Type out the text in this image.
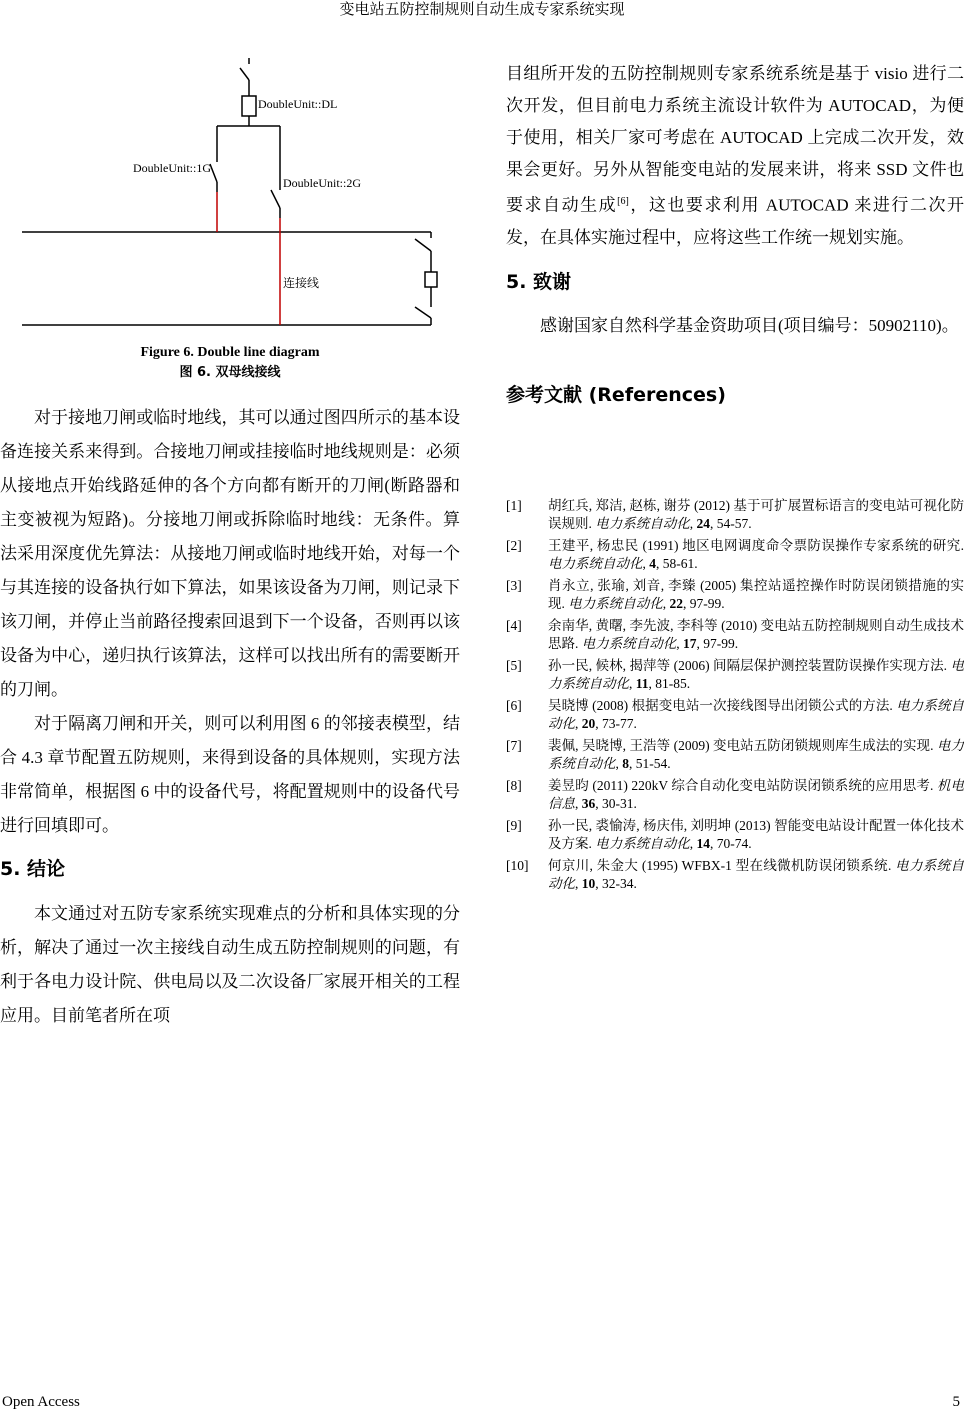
变电站五防控制规则自动生成专家系统实现
DoubleUnit::DL
DoubleUnit::1G
DoubleUnit::2G
连接线
Figure 6. Double line diagram
图 6. 双母线接线

对于接地刀闸或临时地线，其可以通过图四所示的基本设备连接关系来得到。合接地刀闸或挂接临时地线规则是：必须从接地点开始线路延伸的各个方向都有断开的刀闸(断路器和主变被视为短路)。分接地刀闸或拆除临时地线：无条件。算法采用深度优先算法：从接地刀闸或临时地线开始，对每一个与其连接的设备执行如下算法，如果该设备为刀闸，则记录下该刀闸，并停止当前路径搜索回退到下一个设备，否则再以该设备为中心，递归执行该算法，这样可以找出所有的需要断开的刀闸。

对于隔离刀闸和开关，则可以利用图 6 的邻接表模型，结合 4.3 章节配置五防规则，来得到设备的具体规则，实现方法非常简单，根据图 6 中的设备代号，将配置规则中的设备代号进行回填即可。

5. 结论

本文通过对五防专家系统实现难点的分析和具体实现的分析，解决了通过一次主接线自动生成五防控制规则的问题，有利于各电力设计院、供电局以及二次设备厂家展开相关的工程应用。目前笔者所在项

目组所开发的五防控制规则专家系统系统是基于 visio 进行二次开发，但目前电力系统主流设计软件为 AUTOCAD，为便于使用，相关厂家可考虑在 AUTOCAD 上完成二次开发，效果会更好。另外从智能变电站的发展来讲，将来 SSD 文件也要求自动生成[6]，这也要求利用 AUTOCAD 来进行二次开发，在具体实施过程中，应将这些工作统一规划实施。

5. 致谢

感谢国家自然科学基金资助项目(项目编号：50902110)。

参考文献 (References)
[1]	胡红兵, 郑洁, 赵栋, 谢芬 (2012) 基于可扩展置标语言的变电站可视化防误规则. 电力系统自动化, 24, 54-57.
[2]	王建平, 杨忠民 (1991) 地区电网调度命令票防误操作专家系统的研究. 电力系统自动化, 4, 58-61.
[3]	肖永立, 张瑜, 刘音, 李臻 (2005) 集控站遥控操作时防误闭锁措施的实现. 电力系统自动化, 22, 97-99.
[4]	余南华, 黄曙, 李先波, 李科等 (2010) 变电站五防控制规则自动生成技术思路. 电力系统自动化, 17, 97-99.
[5]	孙一民, 候林, 揭萍等 (2006) 间隔层保护测控装置防误操作实现方法. 电力系统自动化, 11, 81-85.
[6]	吴晓博 (2008) 根据变电站一次接线图导出闭锁公式的方法. 电力系统自动化, 20, 73-77.
[7]	裴佩, 吴晓博, 王浩等 (2009) 变电站五防闭锁规则库生成法的实现. 电力系统自动化, 8, 51-54.
[8]	姜昱昀 (2011) 220kV 综合自动化变电站防误闭锁系统的应用思考. 机电信息, 36, 30-31.
[9]	孙一民, 裘愉涛, 杨庆伟, 刘明坤 (2013) 智能变电站设计配置一体化技术及方案. 电力系统自动化, 14, 70-74.
[10]	何京川, 朱金大 (1995) WFBX-1 型在线微机防误闭锁系统. 电力系统自动化, 10, 32-34.
Open Access	5
